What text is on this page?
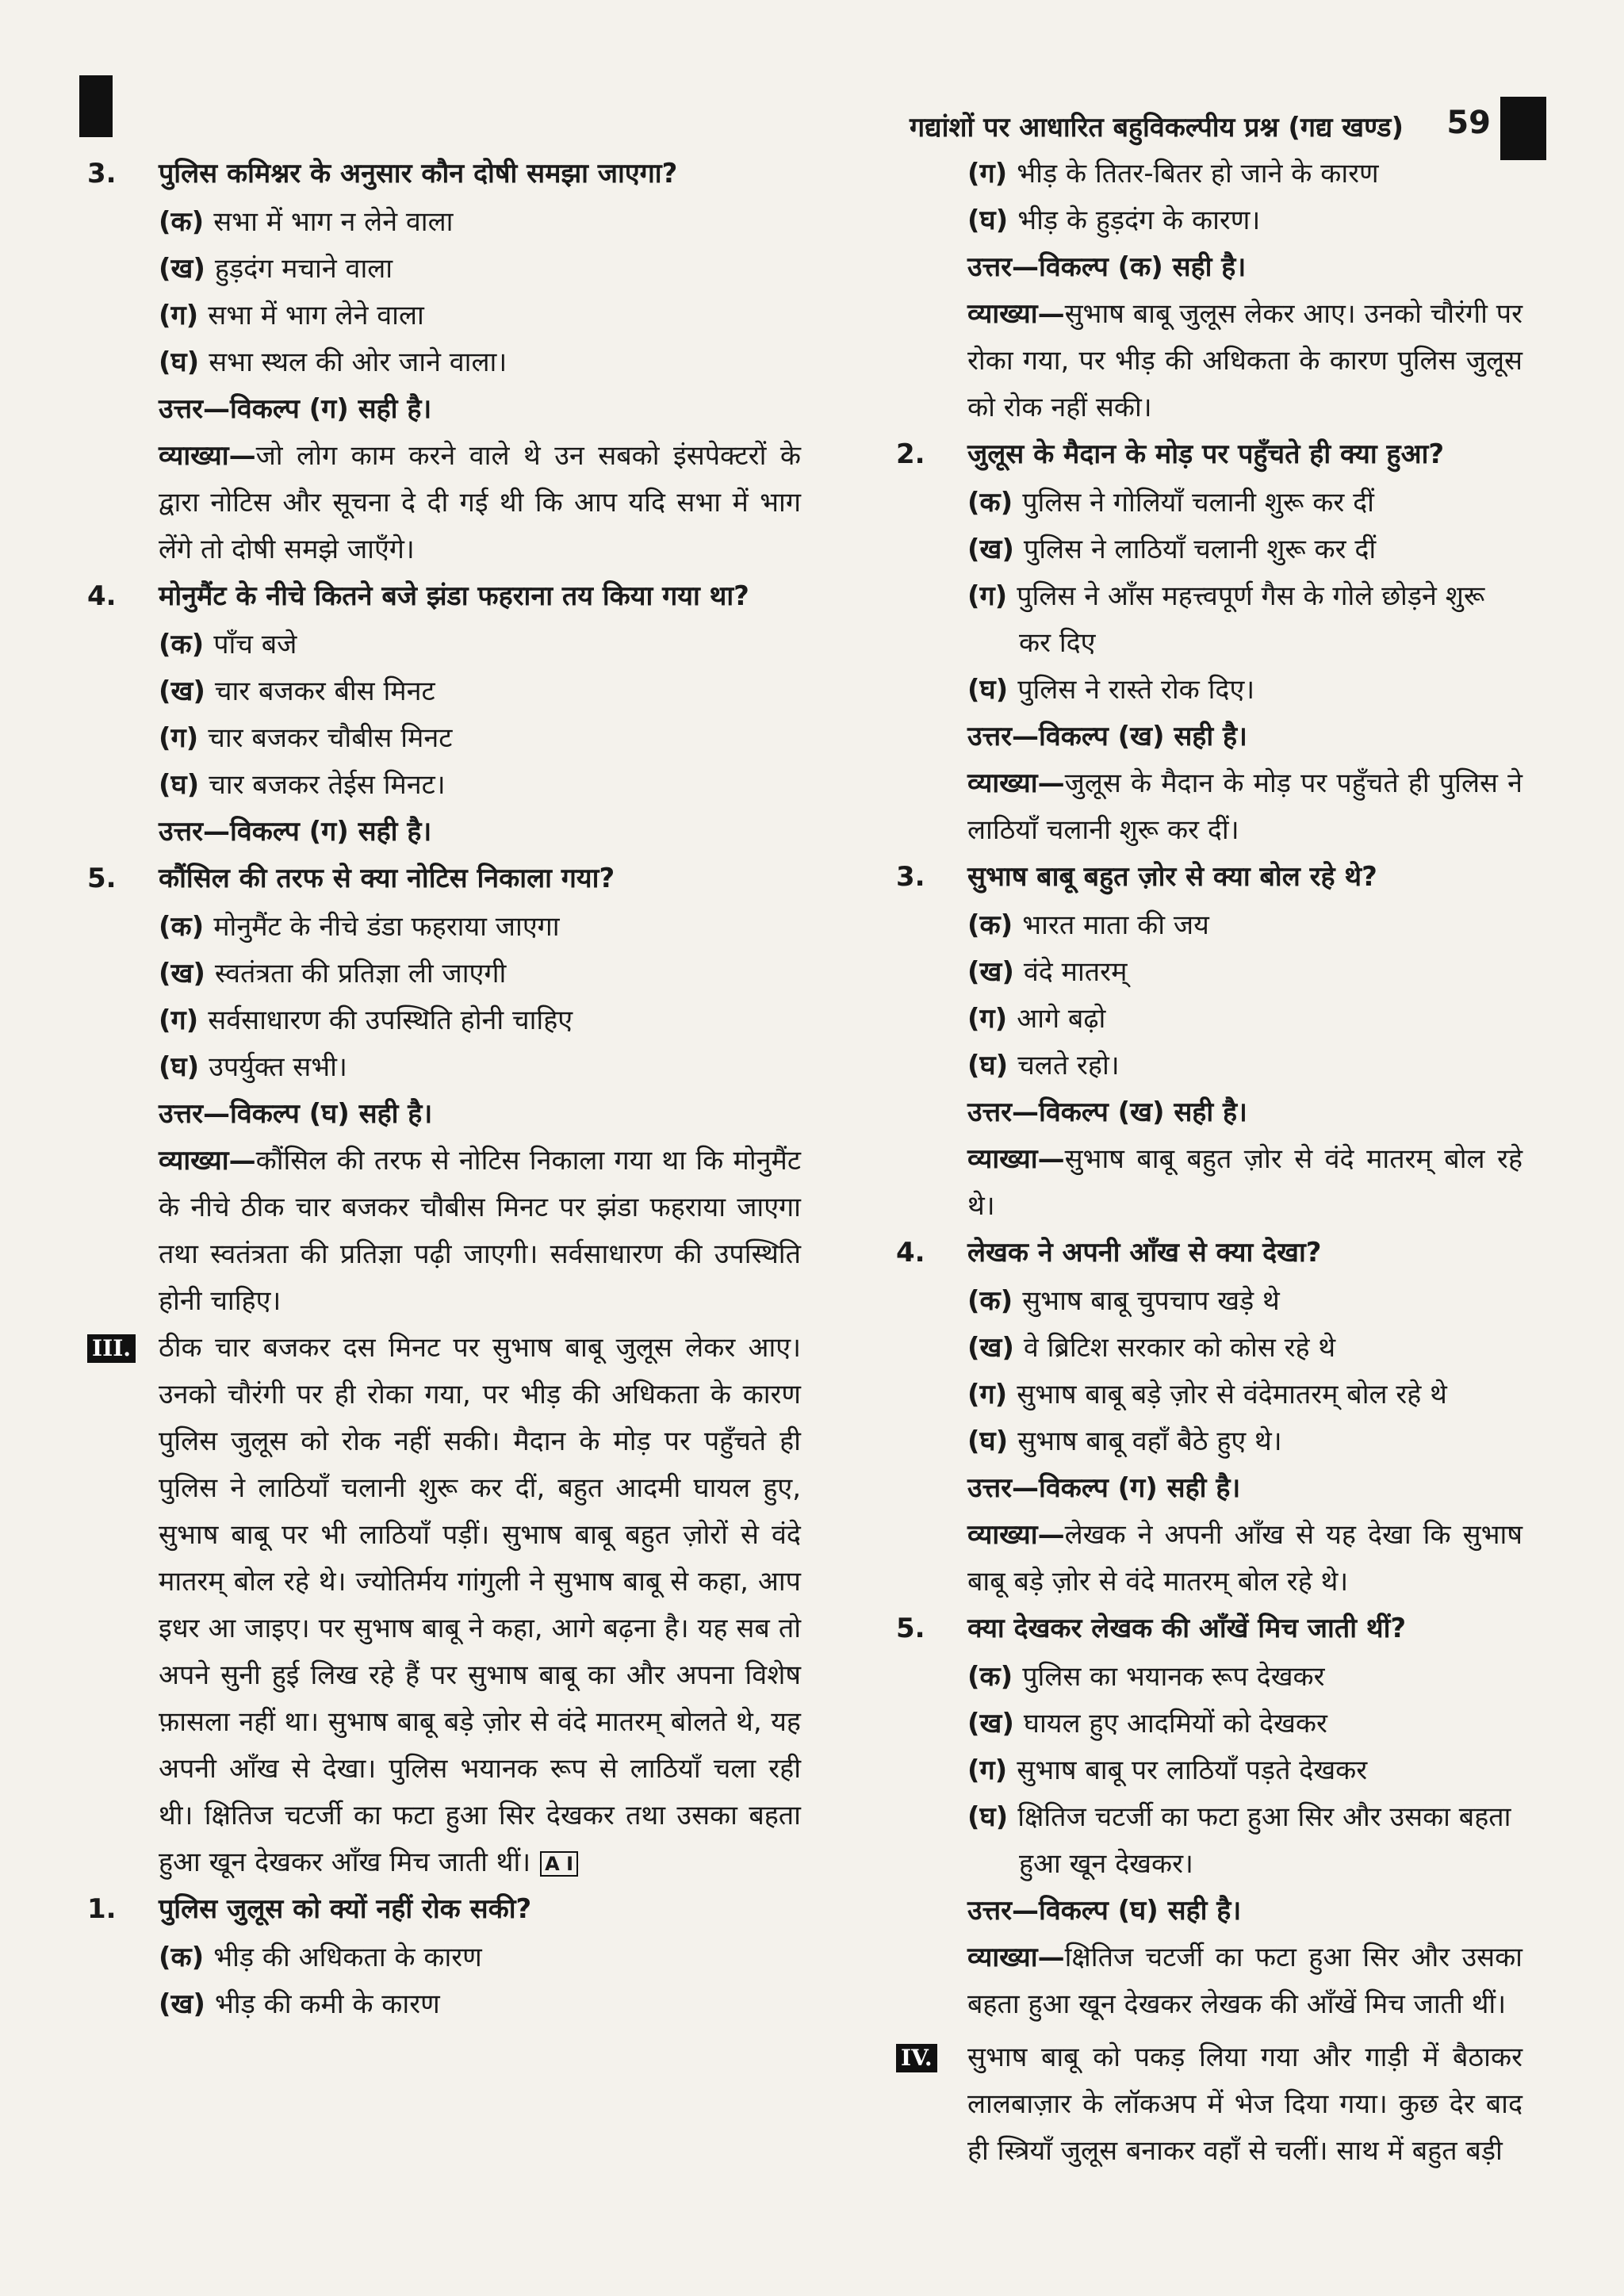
गद्यांशों पर आधारित बहुविकल्पीय प्रश्न (गद्य खण्ड) 59
3. पुलिस कमिश्नर के अनुसार कौन दोषी समझा जाएगा?
(क) सभा में भाग न लेने वाला
(ख) हुड़दंग मचाने वाला
(ग) सभा में भाग लेने वाला
(घ) सभा स्थल की ओर जाने वाला।
उत्तर—विकल्प (ग) सही है।
व्याख्या—जो लोग काम करने वाले थे उन सबको इंसपेक्टरों के द्वारा नोटिस और सूचना दे दी गई थी कि आप यदि सभा में भाग लेंगे तो दोषी समझे जाएँगे।
4. मोनुमैंट के नीचे कितने बजे झंडा फहराना तय किया गया था?
(क) पाँच बजे
(ख) चार बजकर बीस मिनट
(ग) चार बजकर चौबीस मिनट
(घ) चार बजकर तेईस मिनट।
उत्तर—विकल्प (ग) सही है।
5. कौंसिल की तरफ से क्या नोटिस निकाला गया?
(क) मोनुमैंट के नीचे डंडा फहराया जाएगा
(ख) स्वतंत्रता की प्रतिज्ञा ली जाएगी
(ग) सर्वसाधारण की उपस्थिति होनी चाहिए
(घ) उपर्युक्त सभी।
उत्तर—विकल्प (घ) सही है।
व्याख्या—कौंसिल की तरफ से नोटिस निकाला गया था कि मोनुमैंट के नीचे ठीक चार बजकर चौबीस मिनट पर झंडा फहराया जाएगा तथा स्वतंत्रता की प्रतिज्ञा पढ़ी जाएगी। सर्वसाधारण की उपस्थिति होनी चाहिए।
III. ठीक चार बजकर दस मिनट पर सुभाष बाबू जुलूस लेकर आए। उनको चौरंगी पर ही रोका गया, पर भीड़ की अधिकता के कारण पुलिस जुलूस को रोक नहीं सकी। मैदान के मोड़ पर पहुँचते ही पुलिस ने लाठियाँ चलानी शुरू कर दीं, बहुत आदमी घायल हुए, सुभाष बाबू पर भी लाठियाँ पड़ीं। सुभाष बाबू बहुत ज़ोरों से वंदे मातरम् बोल रहे थे। ज्योतिर्मय गांगुली ने सुभाष बाबू से कहा, आप इधर आ जाइए। पर सुभाष बाबू ने कहा, आगे बढ़ना है। यह सब तो अपने सुनी हुई लिख रहे हैं पर सुभाष बाबू का और अपना विशेष फ़ासला नहीं था। सुभाष बाबू बड़े ज़ोर से वंदे मातरम् बोलते थे, यह अपनी आँख से देखा। पुलिस भयानक रूप से लाठियाँ चला रही थी। क्षितिज चटर्जी का फटा हुआ सिर देखकर तथा उसका बहता हुआ खून देखकर आँख मिच जाती थीं। A I
1. पुलिस जुलूस को क्यों नहीं रोक सकी?
(क) भीड़ की अधिकता के कारण
(ख) भीड़ की कमी के कारण
(ग) भीड़ के तितर-बितर हो जाने के कारण
(घ) भीड़ के हुड़दंग के कारण।
उत्तर—विकल्प (क) सही है।
व्याख्या—सुभाष बाबू जुलूस लेकर आए। उनको चौरंगी पर रोका गया, पर भीड़ की अधिकता के कारण पुलिस जुलूस को रोक नहीं सकी।
2. जुलूस के मैदान के मोड़ पर पहुँचते ही क्या हुआ?
(क) पुलिस ने गोलियाँ चलानी शुरू कर दीं
(ख) पुलिस ने लाठियाँ चलानी शुरू कर दीं
(ग) पुलिस ने आँस महत्त्वपूर्ण गैस के गोले छोड़ने शुरू
कर दिए
(घ) पुलिस ने रास्ते रोक दिए।
उत्तर—विकल्प (ख) सही है।
व्याख्या—जुलूस के मैदान के मोड़ पर पहुँचते ही पुलिस ने लाठियाँ चलानी शुरू कर दीं।
3. सुभाष बाबू बहुत ज़ोर से क्या बोल रहे थे?
(क) भारत माता की जय
(ख) वंदे मातरम्
(ग) आगे बढ़ो
(घ) चलते रहो।
उत्तर—विकल्प (ख) सही है।
व्याख्या—सुभाष बाबू बहुत ज़ोर से वंदे मातरम् बोल रहे थे।
4. लेखक ने अपनी आँख से क्या देखा?
(क) सुभाष बाबू चुपचाप खड़े थे
(ख) वे ब्रिटिश सरकार को कोस रहे थे
(ग) सुभाष बाबू बड़े ज़ोर से वंदेमातरम् बोल रहे थे
(घ) सुभाष बाबू वहाँ बैठे हुए थे।
उत्तर—विकल्प (ग) सही है।
व्याख्या—लेखक ने अपनी आँख से यह देखा कि सुभाष बाबू बड़े ज़ोर से वंदे मातरम् बोल रहे थे।
5. क्या देखकर लेखक की आँखें मिच जाती थीं?
(क) पुलिस का भयानक रूप देखकर
(ख) घायल हुए आदमियों को देखकर
(ग) सुभाष बाबू पर लाठियाँ पड़ते देखकर
(घ) क्षितिज चटर्जी का फटा हुआ सिर और उसका बहता
हुआ खून देखकर।
उत्तर—विकल्प (घ) सही है।
व्याख्या—क्षितिज चटर्जी का फटा हुआ सिर और उसका बहता हुआ खून देखकर लेखक की आँखें मिच जाती थीं।
IV. सुभाष बाबू को पकड़ लिया गया और गाड़ी में बैठाकर लालबाज़ार के लॉकअप में भेज दिया गया। कुछ देर बाद ही स्त्रियाँ जुलूस बनाकर वहाँ से चलीं। साथ में बहुत बड़ी
